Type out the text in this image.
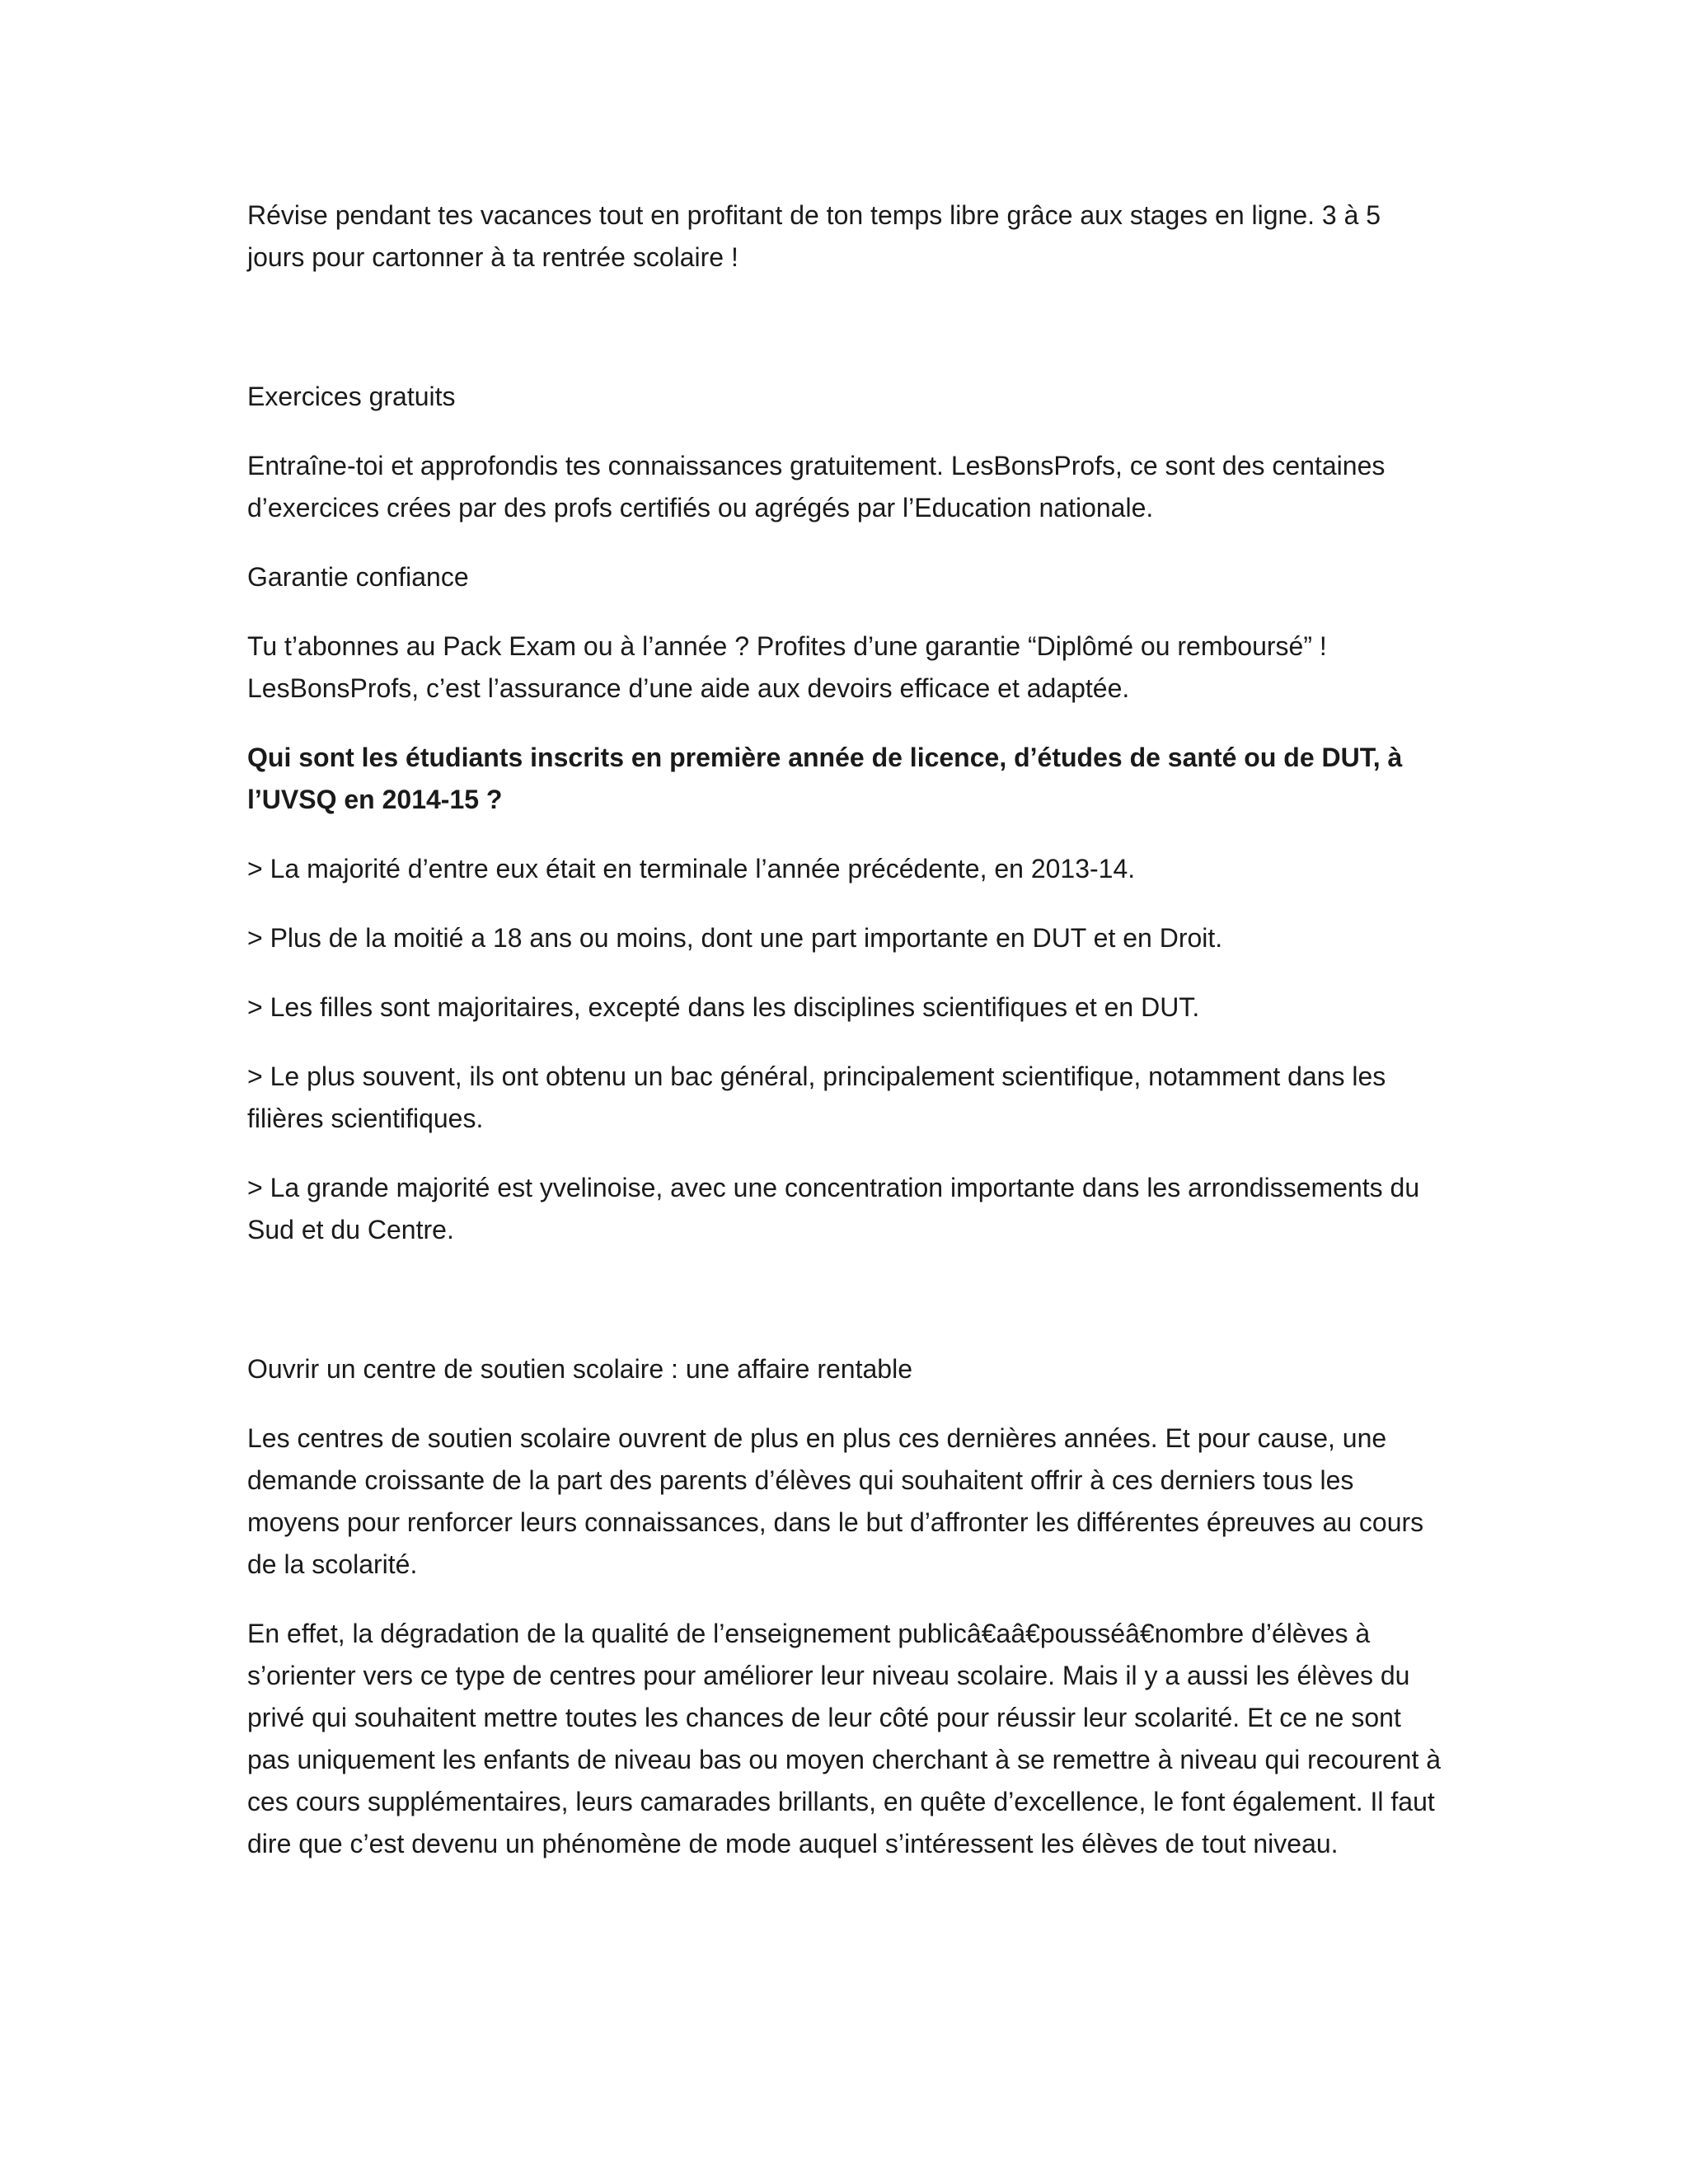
Révise pendant tes vacances tout en profitant de ton temps libre grâce aux stages en ligne. 3 à 5 jours pour cartonner à ta rentrée scolaire !

Exercices gratuits

Entraîne-toi et approfondis tes connaissances gratuitement. LesBonsProfs, ce sont des centaines d’exercices crées par des profs certifiés ou agrégés par l’Education nationale.

Garantie confiance

Tu t’abonnes au Pack Exam ou à l’année ? Profites d’une garantie “Diplômé ou remboursé” ! LesBonsProfs, c’est l’assurance d’une aide aux devoirs efficace et adaptée.

Qui sont les étudiants inscrits en première année de licence, d’études de santé ou de DUT, à l’UVSQ en 2014-15 ?

> La majorité d’entre eux était en terminale l’année précédente, en 2013-14.

> Plus de la moitié a 18 ans ou moins, dont une part importante en DUT et en Droit.

> Les filles sont majoritaires, excepté dans les disciplines scientifiques et en DUT.

> Le plus souvent, ils ont obtenu un bac général, principalement scientifique, notamment dans les filières scientifiques.

> La grande majorité est yvelinoise, avec une concentration importante dans les arrondissements du Sud et du Centre.

Ouvrir un centre de soutien scolaire : une affaire rentable

Les centres de soutien scolaire ouvrent de plus en plus ces dernières années. Et pour cause, une demande croissante de la part des parents d’élèves qui souhaitent offrir à ces derniers tous les moyens pour renforcer leurs connaissances, dans le but d’affronter les différentes épreuves au cours de la scolarité.

En effet, la dégradation de la qualité de l’enseignement publicâ€aâ€pousséâ€nombre d’élèves à s’orienter vers ce type de centres pour améliorer leur niveau scolaire. Mais il y a aussi les élèves du privé qui souhaitent mettre toutes les chances de leur côté pour réussir leur scolarité. Et ce ne sont pas uniquement les enfants de niveau bas ou moyen cherchant à se remettre à niveau qui recourent à ces cours supplémentaires, leurs camarades brillants, en quête d’excellence, le font également. Il faut dire que c’est devenu un phénomène de mode auquel s’intéressent les élèves de tout niveau.
